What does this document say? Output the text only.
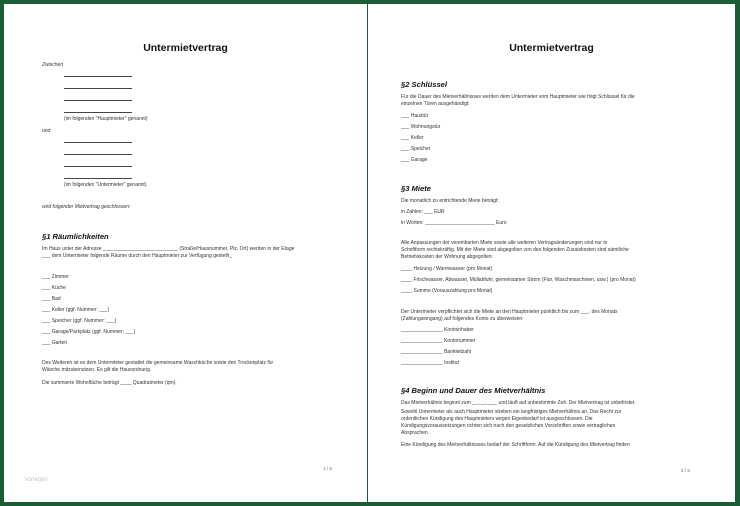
Untermietvertrag
Zwischen
(im folgenden "Hauptmieter" genannt)
und
(im folgenden "Untermieter" genannt)
wird folgender Mietvertrag geschlossen:
§1 Räumlichkeiten
Im Haus unter der Adresse ___________________________ (Straße/Hausnummer, Plz, Ort) werden in der Etage
___ dem Untermieter folgende Räume durch den Hauptmieter zur Verfügung gestellt_
___ Zimmer
___ Küche
___ Bad
___ Keller (ggf. Nummer: ___)
___ Speicher (ggf. Nummer: ___)
___ Garage/Parkplatz (ggf. Nummer: ___)
___ Garten
Des Weiteren ist es dem Untermieter gestattet die gemeinsame Waschküche sowie den Trockenplatz für
Wäsche mitzubenutzen. Es gilt die Hausordnung.
Die summierte Wohnfläche beträgt ____ Quadratmeter (qm).
1 / 3
Vorlagen
Untermietvertrag
§2 Schlüssel
Für die Dauer des Mietverhältnisses werden dem Untermieter vom Hauptmieter wie folgt Schlüssel für die
einzelnen Türen ausgehändigt:
___ Haustür
___ Wohnungstür
___ Keller
___ Speicher
___ Garage
§3 Miete
Die monatlich zu entrichtende Miete beträgt:
in Zahlen: ___ EUR
in Worten: _________________________ Euro
Alle Anpassungen der vereinbarten Miete sowie alle weiteren Vertragsänderungen sind nur in
Schriftform rechtskräftig. Mit der Miete sind abgegolten von den folgenden Zusatzkosten sind sämtliche
Betriebskosten der Wohnung abgegolten:
____ Heizung / Warmwasser (pro Monat)
____ Frischwasser, Abwasser, Müllabfuhr, gemeinsamer Strom (Flur, Waschmaschinen, usw.) (pro Monat)
____ Summe (Vorauszahlung pro Monat)
Der Untermieter verpflichtet sich die Miete an den Hauptmieter pünktlich bis zum ___. des Monats
(Zahlungseingang) auf folgendes Konto zu überweisen:
_______________ Kontoinhaber
_______________ Kontonummer
_______________ Bankleitzahl
_______________ Institut
§4 Beginn und Dauer des Mietverhältnis
Das Mietverhältnis beginnt zum __.__.____ und läuft auf unbestimmte Zeit. Der Mietvertrag ist unbefristet.
Sowohl Untermieter als auch Hauptmieter streben ein langfristiges Mietverhältnis an. Das Recht zur
ordentlichen Kündigung des Hauptmieters wegen Eigenbedarf ist ausgeschlossen. Die
Kündigungsvoraussetzungen richten sich nach den gesetzlichen Vorschriften sowie vertraglichen
Absprachen.
Eine Kündigung des Mietverhältnisses bedarf der Schriftform. Auf die Kündigung des Mietvertrag finden
2 / 3
